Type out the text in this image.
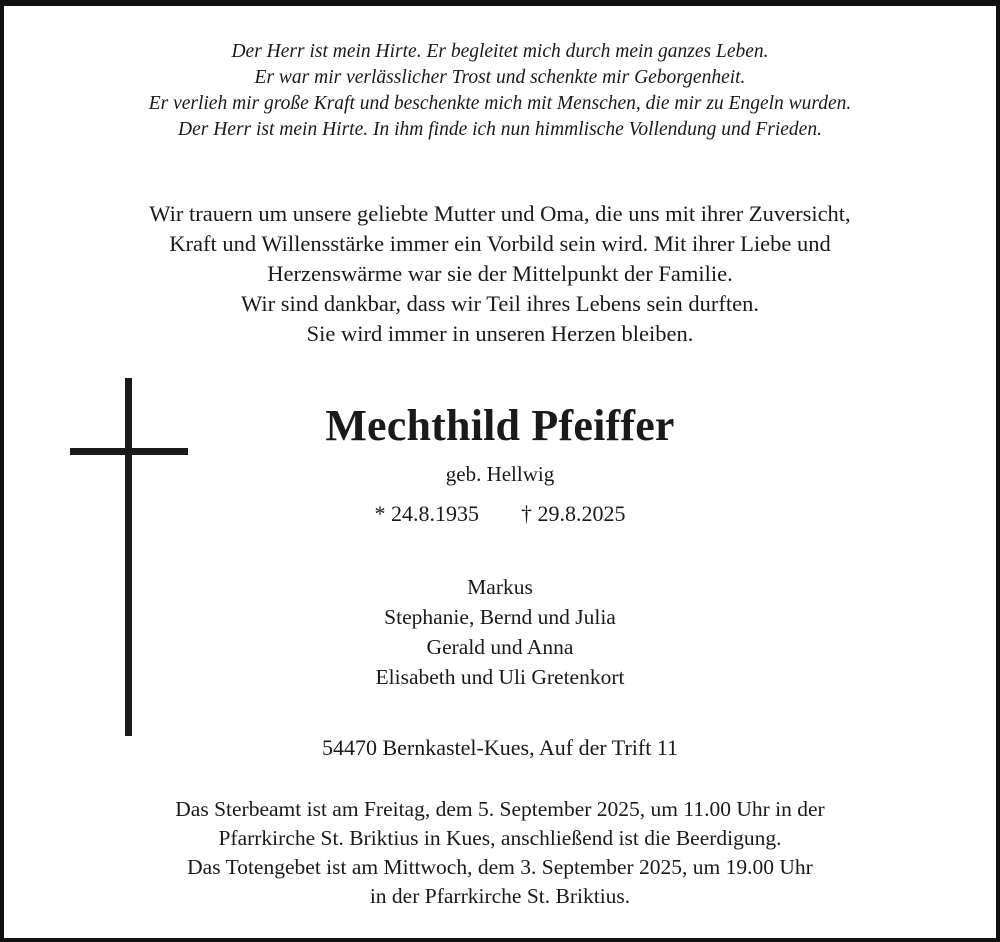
Der Herr ist mein Hirte. Er begleitet mich durch mein ganzes Leben.
Er war mir verlässlicher Trost und schenkte mir Geborgenheit.
Er verlieh mir große Kraft und beschenkte mich mit Menschen, die mir zu Engeln wurden.
Der Herr ist mein Hirte. In ihm finde ich nun himmlische Vollendung und Frieden.
Wir trauern um unsere geliebte Mutter und Oma, die uns mit ihrer Zuversicht,
Kraft und Willensstärke immer ein Vorbild sein wird. Mit ihrer Liebe und
Herzenswärme war sie der Mittelpunkt der Familie.
Wir sind dankbar, dass wir Teil ihres Lebens sein durften.
Sie wird immer in unseren Herzen bleiben.
Mechthild Pfeiffer
geb. Hellwig
* 24.8.1935 † 29.8.2025
Markus
Stephanie, Bernd und Julia
Gerald und Anna
Elisabeth und Uli Gretenkort
54470 Bernkastel-Kues, Auf der Trift 11
Das Sterbeamt ist am Freitag, dem 5. September 2025, um 11.00 Uhr in der
Pfarrkirche St. Briktius in Kues, anschließend ist die Beerdigung.
Das Totengebet ist am Mittwoch, dem 3. September 2025, um 19.00 Uhr
in der Pfarrkirche St. Briktius.
